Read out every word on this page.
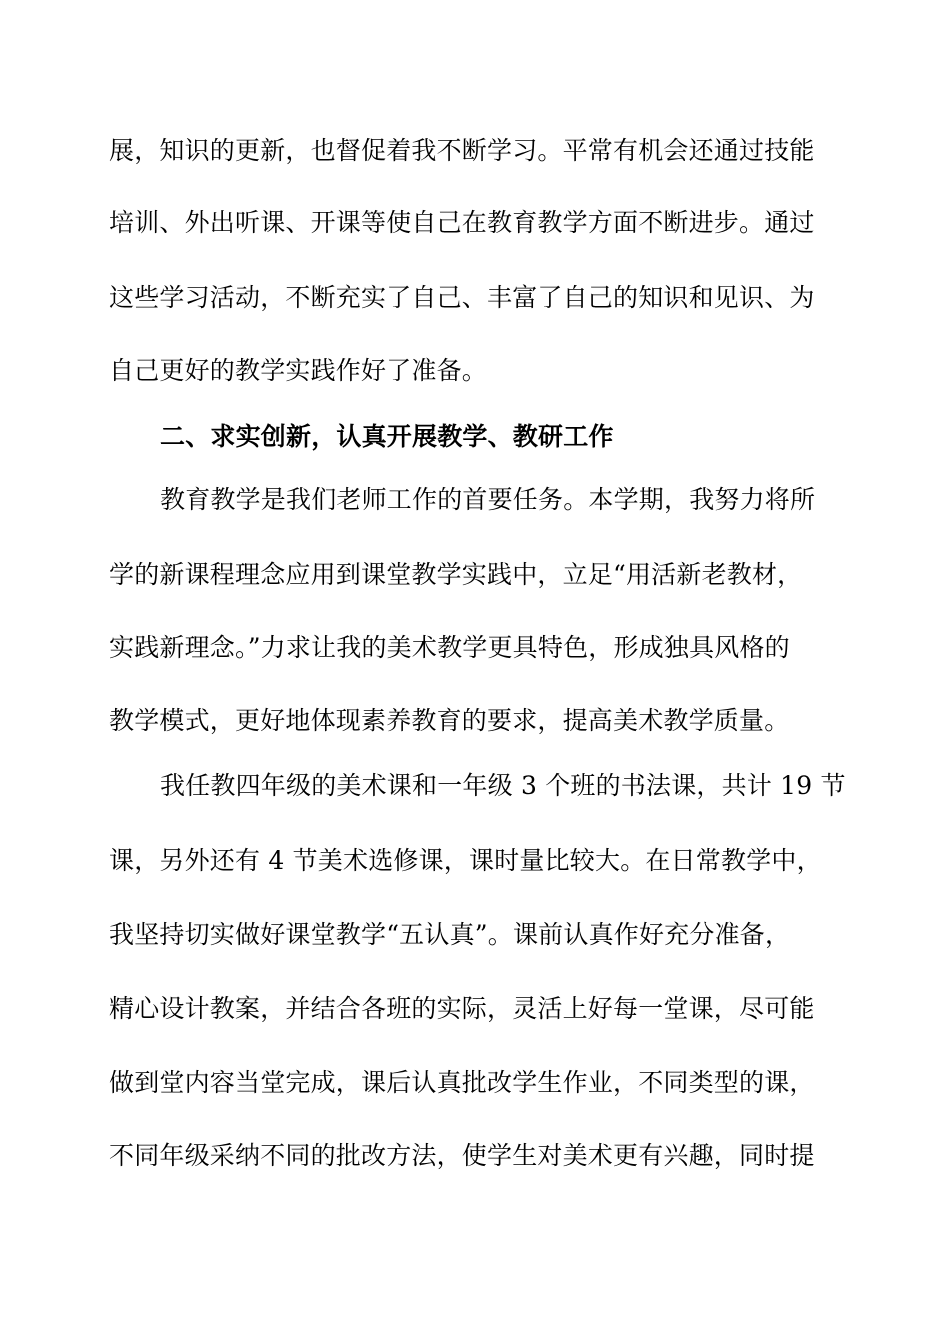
展，知识的更新，也督促着我不断学习。平常有机会还通过技能
培训、外出听课、开课等使自己在教育教学方面不断进步。通过
这些学习活动，不断充实了自己、丰富了自己的知识和见识、为
自己更好的教学实践作好了准备。
二、求实创新，认真开展教学、教研工作
教育教学是我们老师工作的首要任务。本学期，我努力将所
学的新课程理念应用到课堂教学实践中，立足“用活新老教材，
实践新理念。”力求让我的美术教学更具特色，形成独具风格的
教学模式，更好地体现素养教育的要求，提高美术教学质量。
我任教四年级的美术课和一年级 3 个班的书法课，共计 19 节
课，另外还有 4 节美术选修课，课时量比较大。在日常教学中，
我坚持切实做好课堂教学“五认真”。课前认真作好充分准备，
精心设计教案，并结合各班的实际，灵活上好每一堂课，尽可能
做到堂内容当堂完成，课后认真批改学生作业，不同类型的课，
不同年级采纳不同的批改方法，使学生对美术更有兴趣，同时提
